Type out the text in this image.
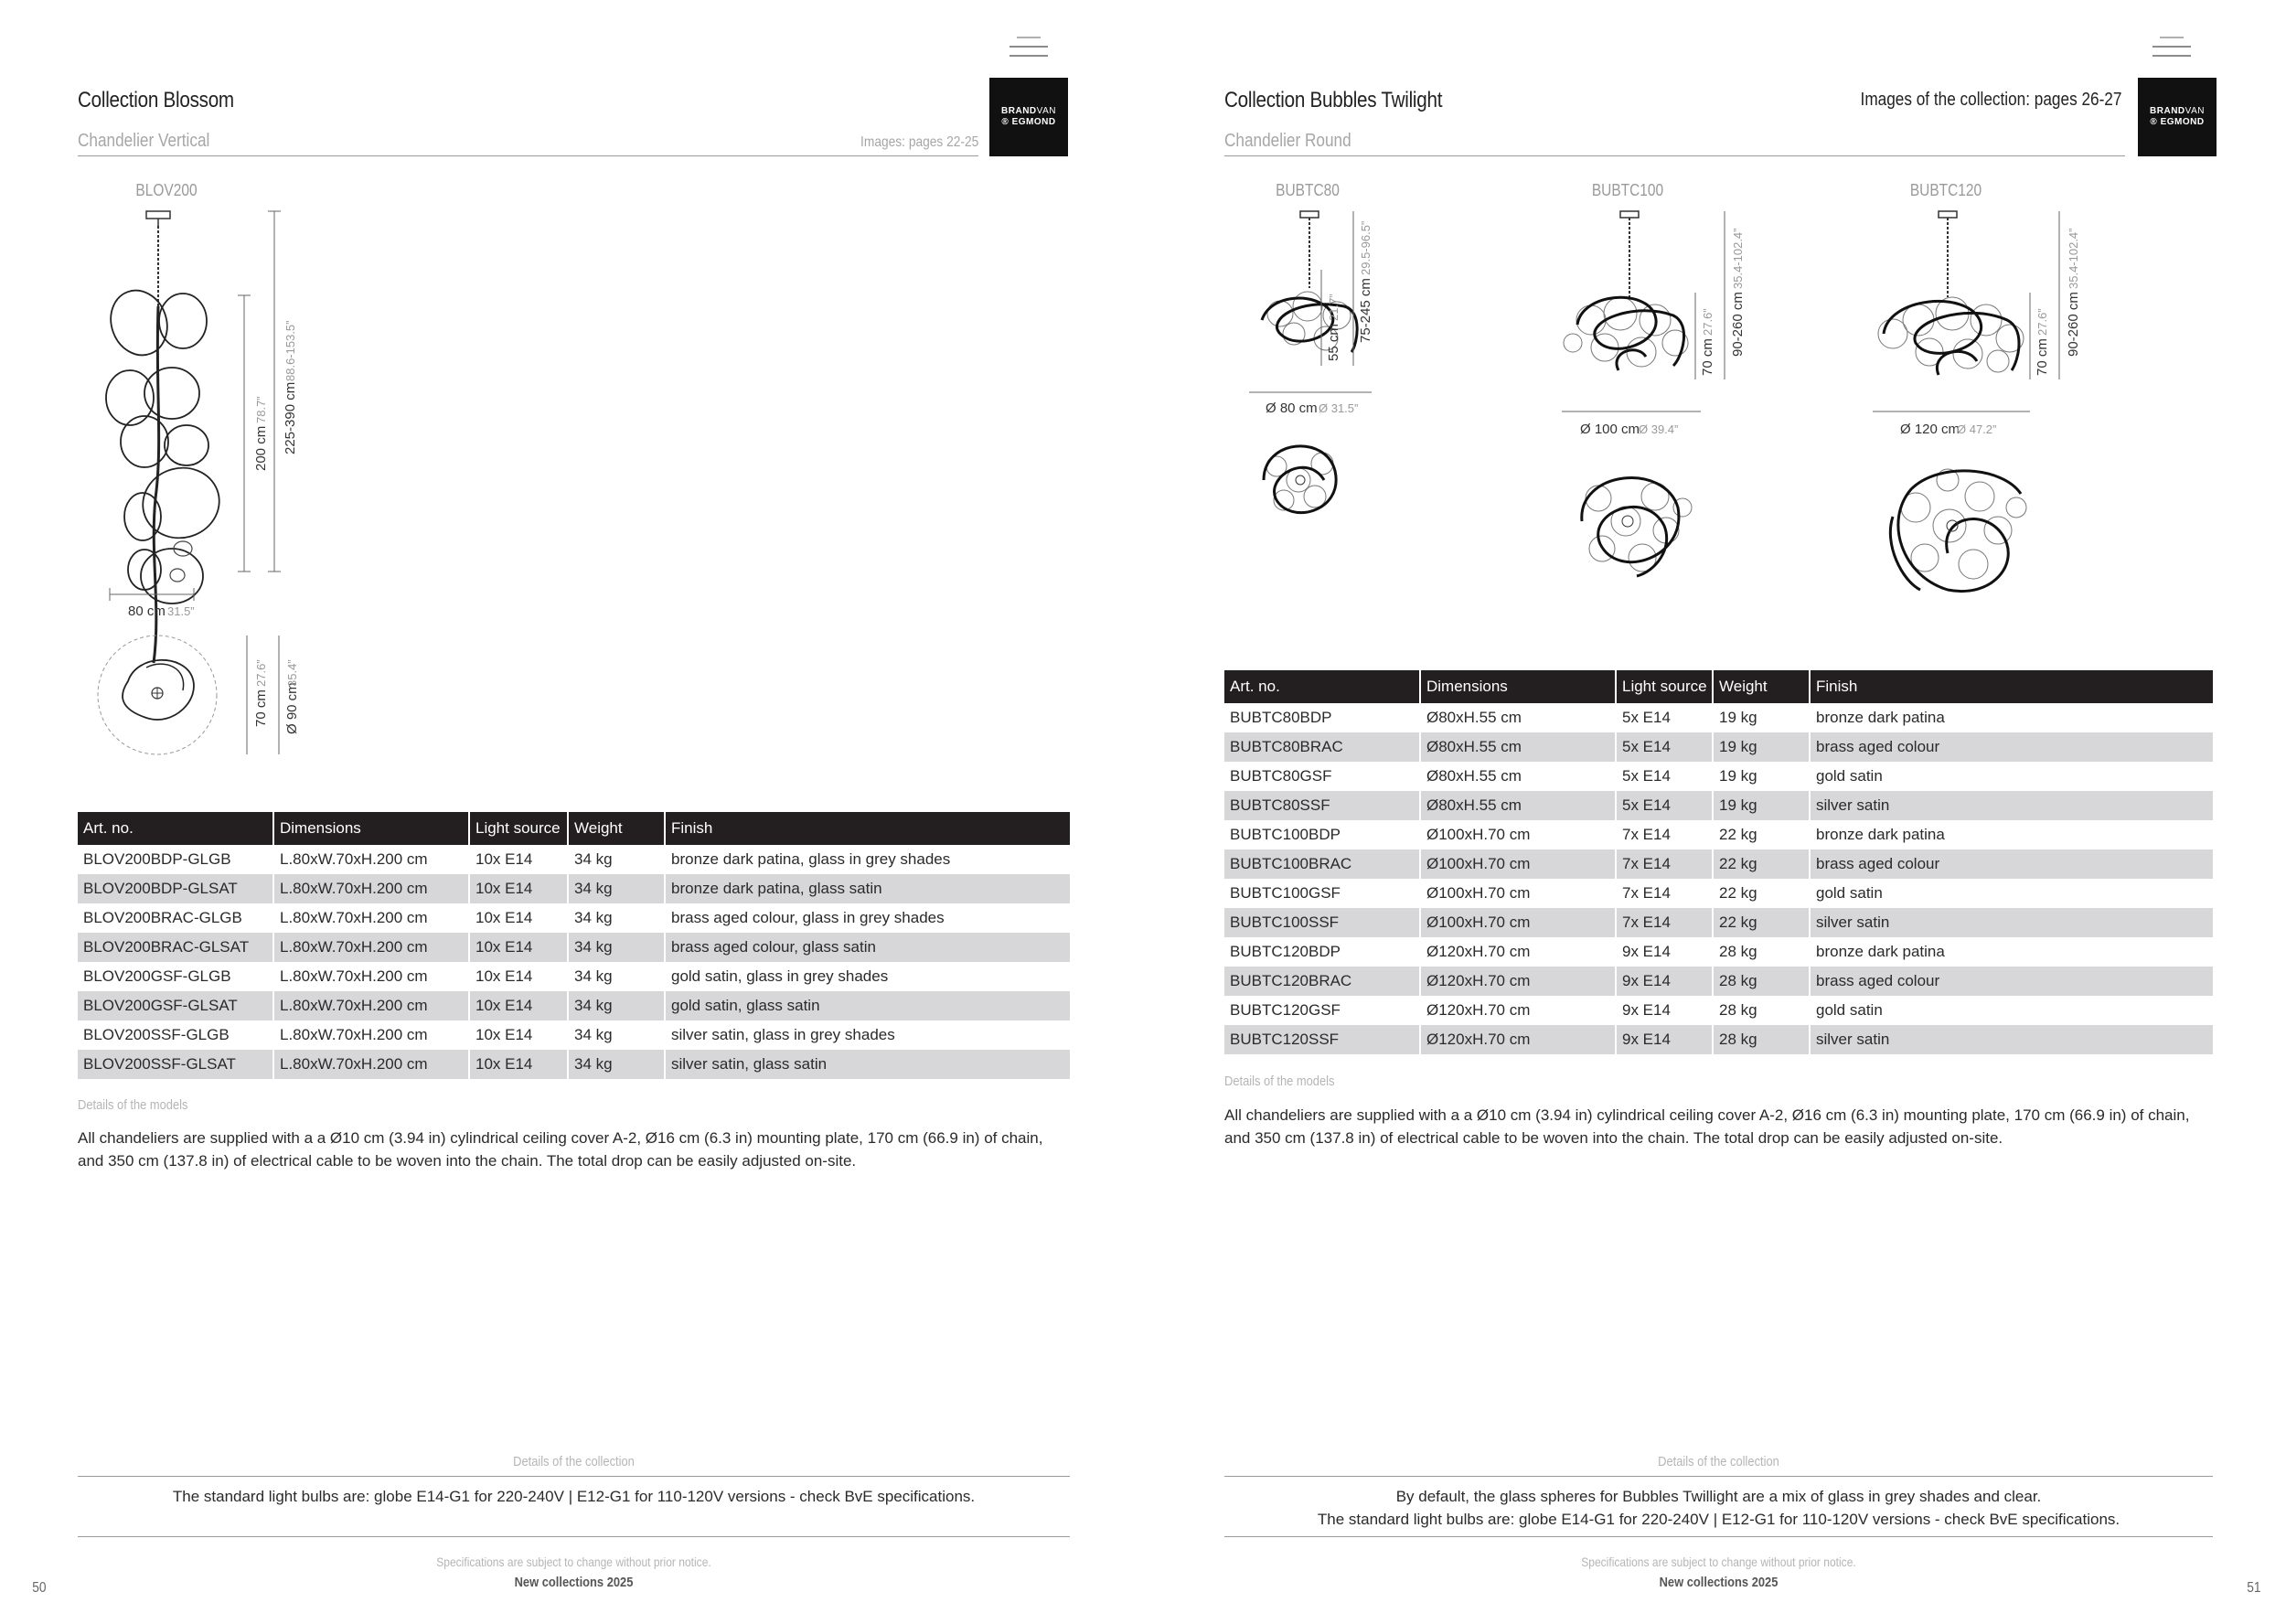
BRANDVAN
® EGMOND
Collection Blossom
Chandelier Vertical	Images: pages 22-25
BLOV200
200 cm
78.7” 225-390 cm
88.6-153.5”
80 cm 31.5”
70 cm
27.6”
Ø 90 cm
35.4”
Art. no.	Dimensions	Light source	Weight	Finish
BLOV200BDP-GLGB	L.80xW.70xH.200 cm	10x E14	34 kg	bronze dark patina, glass in grey shades
BLOV200BDP-GLSAT	L.80xW.70xH.200 cm	10x E14	34 kg	bronze dark patina, glass satin
BLOV200BRAC-GLGB	L.80xW.70xH.200 cm	10x E14	34 kg	brass aged colour, glass in grey shades
BLOV200BRAC-GLSAT	L.80xW.70xH.200 cm	10x E14	34 kg	brass aged colour, glass satin
BLOV200GSF-GLGB	L.80xW.70xH.200 cm	10x E14	34 kg	gold satin, glass in grey shades
BLOV200GSF-GLSAT	L.80xW.70xH.200 cm	10x E14	34 kg	gold satin, glass satin
BLOV200SSF-GLGB	L.80xW.70xH.200 cm	10x E14	34 kg	silver satin, glass in grey shades
BLOV200SSF-GLSAT	L.80xW.70xH.200 cm	10x E14	34 kg	silver satin, glass satin
Details of the models
All chandeliers are supplied with a a Ø10 cm (3.94 in) cylindrical ceiling cover A-2, Ø16 cm (6.3 in) mounting plate, 170 cm (66.9 in) of chain, and 350 cm (137.8 in) of electrical cable to be woven into the chain. The total drop can be easily adjusted on-site.
Details of the collection
The standard light bulbs are: globe E14-G1 for 220-240V | E12-G1 for 110-120V versions - check BvE specifications.
Specifications are subject to change without prior notice.
New collections 2025
50
BRANDVAN
® EGMOND
Collection Bubbles Twilight	Images of the collection: pages 26-27
Chandelier Round
BUBTC80	BUBTC100	BUBTC120
55 cm
21.7” 75-245 cm
29.5-96.5”
Ø 80 cm Ø 31.5”
70 cm
27.6” 90-260 cm
35.4-102.4”
Ø 100 cm
Ø 39.4”
70 cm
27.6” 90-260 cm
35.4-102.4”
Ø 120 cm
Ø 47.2”
Art. no.	Dimensions	Light source	Weight	Finish
BUBTC80BDP	Ø80xH.55 cm	5x E14	19 kg	bronze dark patina
BUBTC80BRAC	Ø80xH.55 cm	5x E14	19 kg	brass aged colour
BUBTC80GSF	Ø80xH.55 cm	5x E14	19 kg	gold satin
BUBTC80SSF	Ø80xH.55 cm	5x E14	19 kg	silver satin
BUBTC100BDP	Ø100xH.70 cm	7x E14	22 kg	bronze dark patina
BUBTC100BRAC	Ø100xH.70 cm	7x E14	22 kg	brass aged colour
BUBTC100GSF	Ø100xH.70 cm	7x E14	22 kg	gold satin
BUBTC100SSF	Ø100xH.70 cm	7x E14	22 kg	silver satin
BUBTC120BDP	Ø120xH.70 cm	9x E14	28 kg	bronze dark patina
BUBTC120BRAC	Ø120xH.70 cm	9x E14	28 kg	brass aged colour
BUBTC120GSF	Ø120xH.70 cm	9x E14	28 kg	gold satin
BUBTC120SSF	Ø120xH.70 cm	9x E14	28 kg	silver satin
Details of the models
All chandeliers are supplied with a a Ø10 cm (3.94 in) cylindrical ceiling cover A-2, Ø16 cm (6.3 in) mounting plate, 170 cm (66.9 in) of chain, and 350 cm (137.8 in) of electrical cable to be woven into the chain. The total drop can be easily adjusted on-site.
Details of the collection
By default, the glass spheres for Bubbles Twillight are a mix of glass in grey shades and clear.
The standard light bulbs are: globe E14-G1 for 220-240V | E12-G1 for 110-120V versions - check BvE specifications.
Specifications are subject to change without prior notice.
New collections 2025	51
